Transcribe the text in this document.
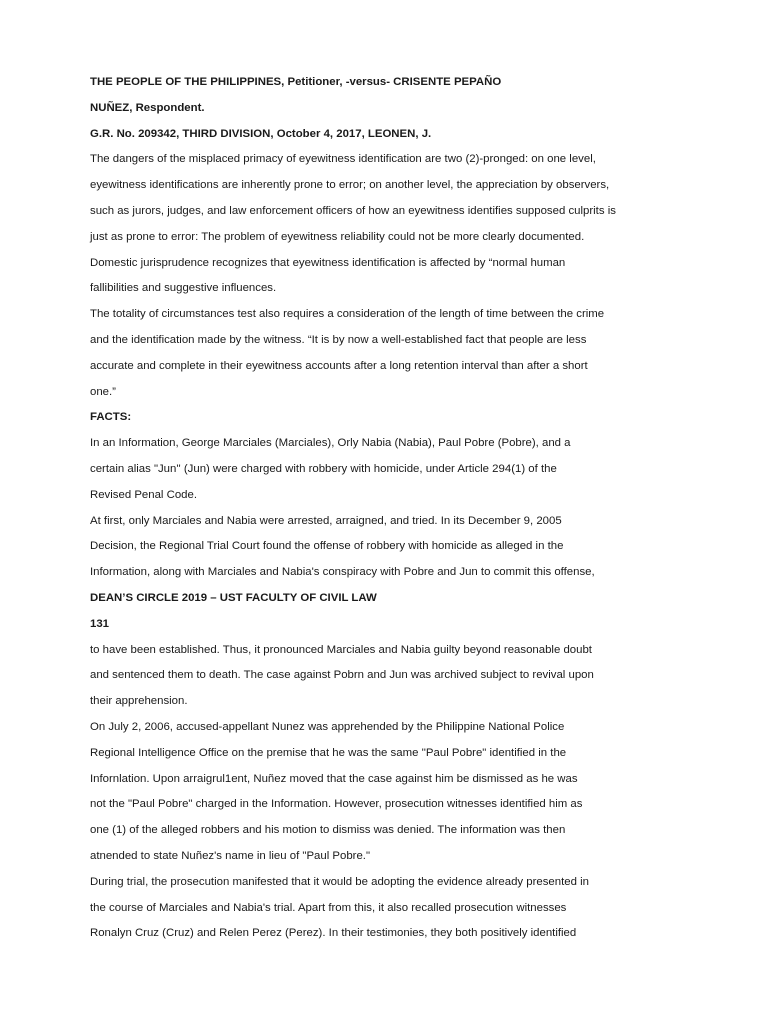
THE PEOPLE OF THE PHILIPPINES, Petitioner, -versus- CRISENTE PEPAÑO
NUÑEZ, Respondent.
G.R. No. 209342, THIRD DIVISION, October 4, 2017, LEONEN, J.
The dangers of the misplaced primacy of eyewitness identification are two (2)-pronged: on one level,
eyewitness identifications are inherently prone to error; on another level, the appreciation by observers,
such as jurors, judges, and law enforcement officers of how an eyewitness identifies supposed culprits is
just as prone to error: The problem of eyewitness reliability could not be more clearly documented.
Domestic jurisprudence recognizes that eyewitness identification is affected by “normal human
fallibilities and suggestive influences.
The totality of circumstances test also requires a consideration of the length of time between the crime
and the identification made by the witness. “It is by now a well-established fact that people are less
accurate and complete in their eyewitness accounts after a long retention interval than after a short
one.”
FACTS:
In an Information, George Marciales (Marciales), Orly Nabia (Nabia), Paul Pobre (Pobre), and a
certain alias "Jun'' (Jun) were charged with robbery with homicide, under Article 294(1) of the
Revised Penal Code.
At first, only Marciales and Nabia were arrested, arraigned, and tried. In its December 9, 2005
Decision, the Regional Trial Court found the offense of robbery with homicide as alleged in the
Information, along with Marciales and Nabia's conspiracy with Pobre and Jun to commit this offense,
DEAN’S CIRCLE 2019 – UST FACULTY OF CIVIL LAW
131
to have been established. Thus, it pronounced Marciales and Nabia guilty beyond reasonable doubt
and sentenced them to death. The case against Pobrn and Jun was archived subject to revival upon
their apprehension.
On July 2, 2006, accused-appellant Nunez was apprehended by the Philippine National Police
Regional Intelligence Office on the premise that he was the same ''Paul Pobre" identified in the
Infornlation. Upon arraigrul1ent, Nuñez moved that the case against him be dismissed as he was
not the "Paul Pobre" charged in the Information. However, prosecution witnesses identified him as
one (1) of the alleged robbers and his motion to dismiss was denied. The information was then
atnended to state Nuñez's name in lieu of "Paul Pobre."
During trial, the prosecution manifested that it would be adopting the evidence already presented in
the course of Marciales and Nabia's trial. Apart from this, it also recalled prosecution witnesses
Ronalyn Cruz (Cruz) and Relen Perez (Perez). In their testimonies, they both positively identified
